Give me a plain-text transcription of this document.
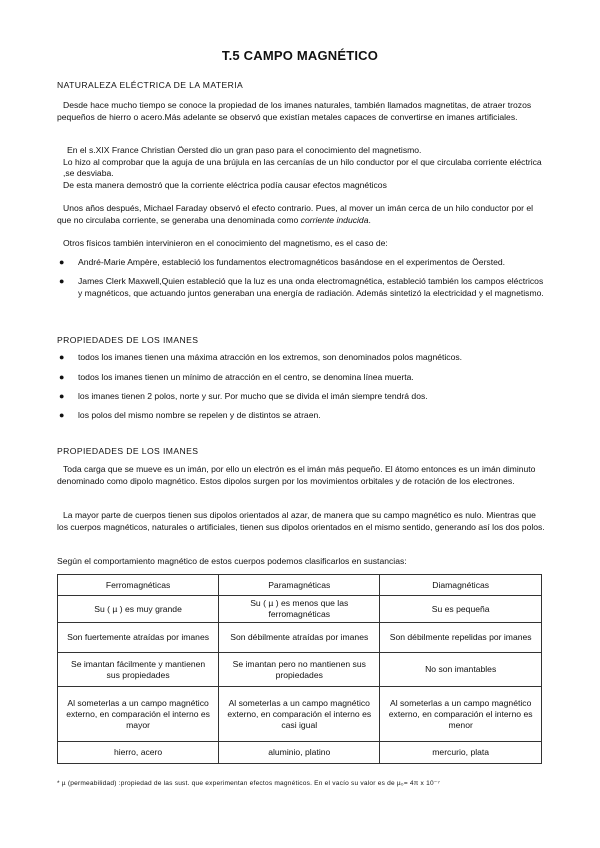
T.5 CAMPO MAGNÉTICO
NATURALEZA ELÉCTRICA DE LA MATERIA
Desde hace mucho tiempo se conoce la propiedad de los imanes naturales, también llamados magnetitas, de atraer trozos pequeños de hierro o acero.Más adelante se observó que existían metales capaces de convertirse en imanes artificiales.
En el s.XIX France Christian Öersted dio un gran paso para el conocimiento del magnetismo.
Lo hizo al comprobar que la aguja de una brújula en las cercanías de un hilo conductor por el que circulaba corriente eléctrica ,se desviaba.
De esta manera demostró que la corriente eléctrica podía causar efectos magnéticos
Unos años después, Michael Faraday observó el efecto contrario. Pues, al mover un imán cerca de un hilo conductor por el que no circulaba corriente, se generaba una denominada como corriente inducida.
Otros físicos también intervinieron en el conocimiento del magnetismo, es el caso de:
● André-Marie Ampère, estableció los fundamentos electromagnéticos basándose en el experimentos de Öersted.
● James Clerk Maxwell,Quien estableció que la luz es una onda electromagnética, estableció también los campos eléctricos y magnéticos, que actuando juntos generaban una energía de radiación. Además sintetizó la electricidad y el magnetismo.
PROPIEDADES DE LOS IMANES
● todos los imanes tienen una máxima atracción en los extremos, son denominados polos magnéticos.
● todos los imanes tienen un mínimo de atracción en el centro, se denomina línea muerta.
● los imanes tienen 2 polos, norte y sur. Por mucho que se divida el imán siempre tendrá dos.
● los polos del mismo nombre se repelen y de distintos se atraen.
PROPIEDADES DE LOS IMANES
Toda carga que se mueve es un imán, por ello un electrón es el imán más pequeño. El átomo entonces es un imán diminuto denominado como dipolo magnético. Estos dipolos surgen por los movimientos orbitales y de rotación de los electrones.
La mayor parte de cuerpos tienen sus dipolos orientados al azar, de manera que su campo magnético es nulo. Mientras que los cuerpos magnéticos, naturales o artificiales, tienen sus dipolos orientados en el mismo sentido, generando así los dos polos.
Según el comportamiento magnético de estos cuerpos podemos clasificarlos en sustancias:
Ferromagnéticas	Paramagnéticas	Diamagnéticas
Su ( µ ) es muy grande	Su ( µ ) es menos que las ferromagnéticas	Su es pequeña
Son fuertemente atraídas por imanes	Son débilmente atraídas por imanes	Son débilmente repelidas por imanes
Se imantan fácilmente y mantienen sus propiedades	Se imantan pero no mantienen sus propiedades	No son imantables
Al someterlas a un campo magnético externo, en comparación el interno es mayor	Al someterlas a un campo magnético externo, en comparación el interno es casi igual	Al someterlas a un campo magnético externo, en comparación el interno es menor
hierro, acero	aluminio, platino	mercurio, plata
* µ (permeabilidad) :propiedad de las sust. que experimentan efectos magnéticos. En el vacío su valor es de µ₀= 4π x 10⁻⁷
